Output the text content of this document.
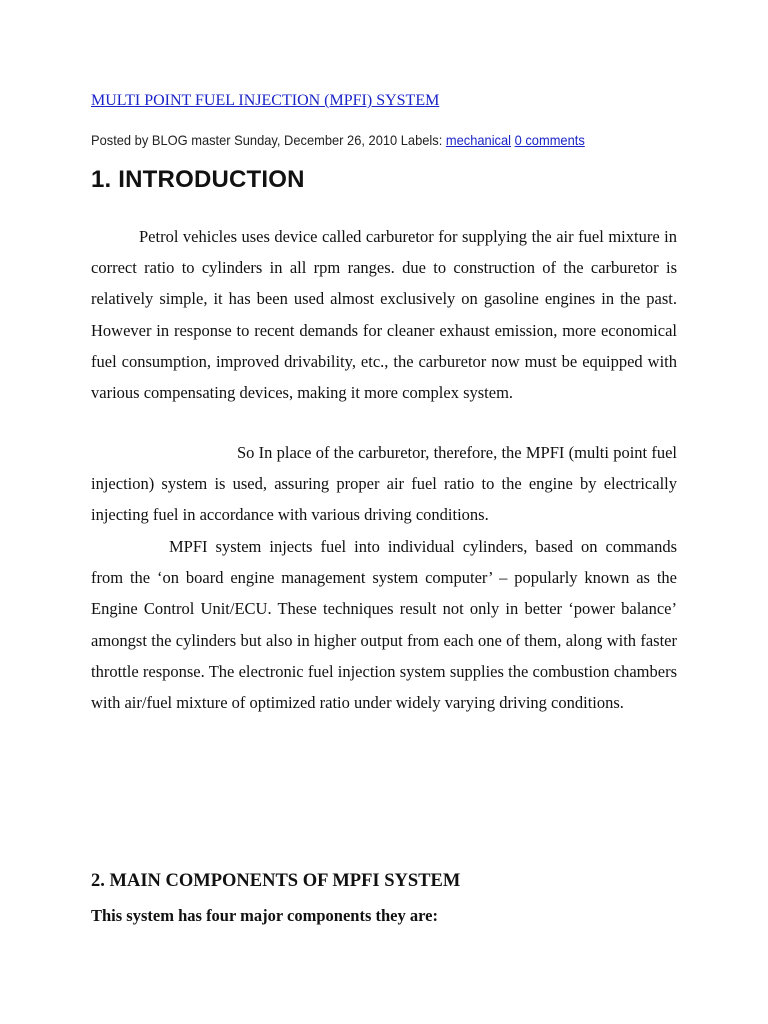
MULTI POINT FUEL INJECTION (MPFI) SYSTEM
Posted by BLOG master Sunday, December 26, 2010 Labels: mechanical 0 comments
1. INTRODUCTION

Petrol vehicles uses device called carburetor for supplying the air fuel mixture in correct ratio to cylinders in all rpm ranges. due to construction of the carburetor is relatively simple, it has been used almost exclusively on gasoline engines in the past. However in response to recent demands for cleaner exhaust emission, more economical fuel consumption, improved drivability, etc., the carburetor now must be equipped with various compensating devices, making it more complex system.

So In place of the carburetor, therefore, the MPFI (multi point fuel injection) system is used, assuring proper air fuel ratio to the engine by electrically injecting fuel in accordance with various driving conditions.

MPFI system injects fuel into individual cylinders, based on commands from the ‘on board engine management system computer’ – popularly known as the Engine Control Unit/ECU. These techniques result not only in better ‘power balance’ amongst the cylinders but also in higher output from each one of them, along with faster throttle response. The electronic fuel injection system supplies the combustion chambers with air/fuel mixture of optimized ratio under widely varying driving conditions.

2. MAIN COMPONENTS OF MPFI SYSTEM
This system has four major components they are:
